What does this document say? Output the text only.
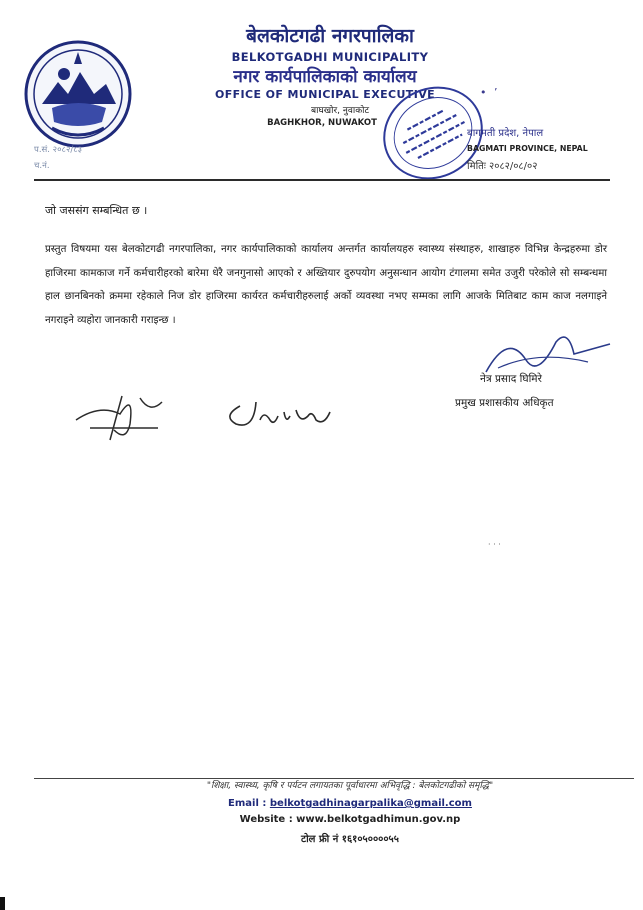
बेलकोटगढी नगरपालिका
BELKOTGADHI MUNICIPALITY
नगर कार्यपालिकाको कार्यालय
OFFICE OF MUNICIPAL EXECUTIVE
बाघखोर, नुवाकोट
BAGHKHOR, NUWAKOT
प.सं. २०८२/८३
च.नं.
• ’
बागमती प्रदेश, नेपाल
BAGMATI PROVINCE, NEPAL
मितिः २०८२/०८/०२
जो जससंग सम्बन्धित छ ।
प्रस्तुत विषयमा यस बेलकोटगढी नगरपालिका, नगर कार्यपालिकाको कार्यालय अन्तर्गत कार्यालयहरु स्वास्थ्य संस्थाहरु, शाखाहरु विभिन्न केन्द्रहरुमा डोर हाजिरमा कामकाज गर्ने कर्मचारीहरको बारेमा धेरै जनगुनासो आएको र अख्तियार दुरुपयोग अनुसन्धान आयोग टंगालमा समेत उजुरी परेकोले सो सम्बन्धमा हाल छानबिनको क्रममा रहेकाले निज डोर हाजिरमा कार्यरत कर्मचारीहरुलाई अर्को व्यवस्था नभए सम्मका लागि आजके मितिबाट काम काज नलगाइने नगराइने व्यहोरा जानकारी गराइन्छ ।
नेत्र प्रसाद घिमिरे
प्रमुख प्रशासकीय अधिकृत
· · ·
"शिक्षा, स्वास्थ्य, कृषि र पर्यटन लगायतका पूर्वाधारमा अभिवृद्धि : बेलकोटगढीको समृद्धि"
Email : belkotgadhinagarpalika@gmail.com
Website : www.belkotgadhimun.gov.np
टोल फ्री नं १६१०५००००५५
